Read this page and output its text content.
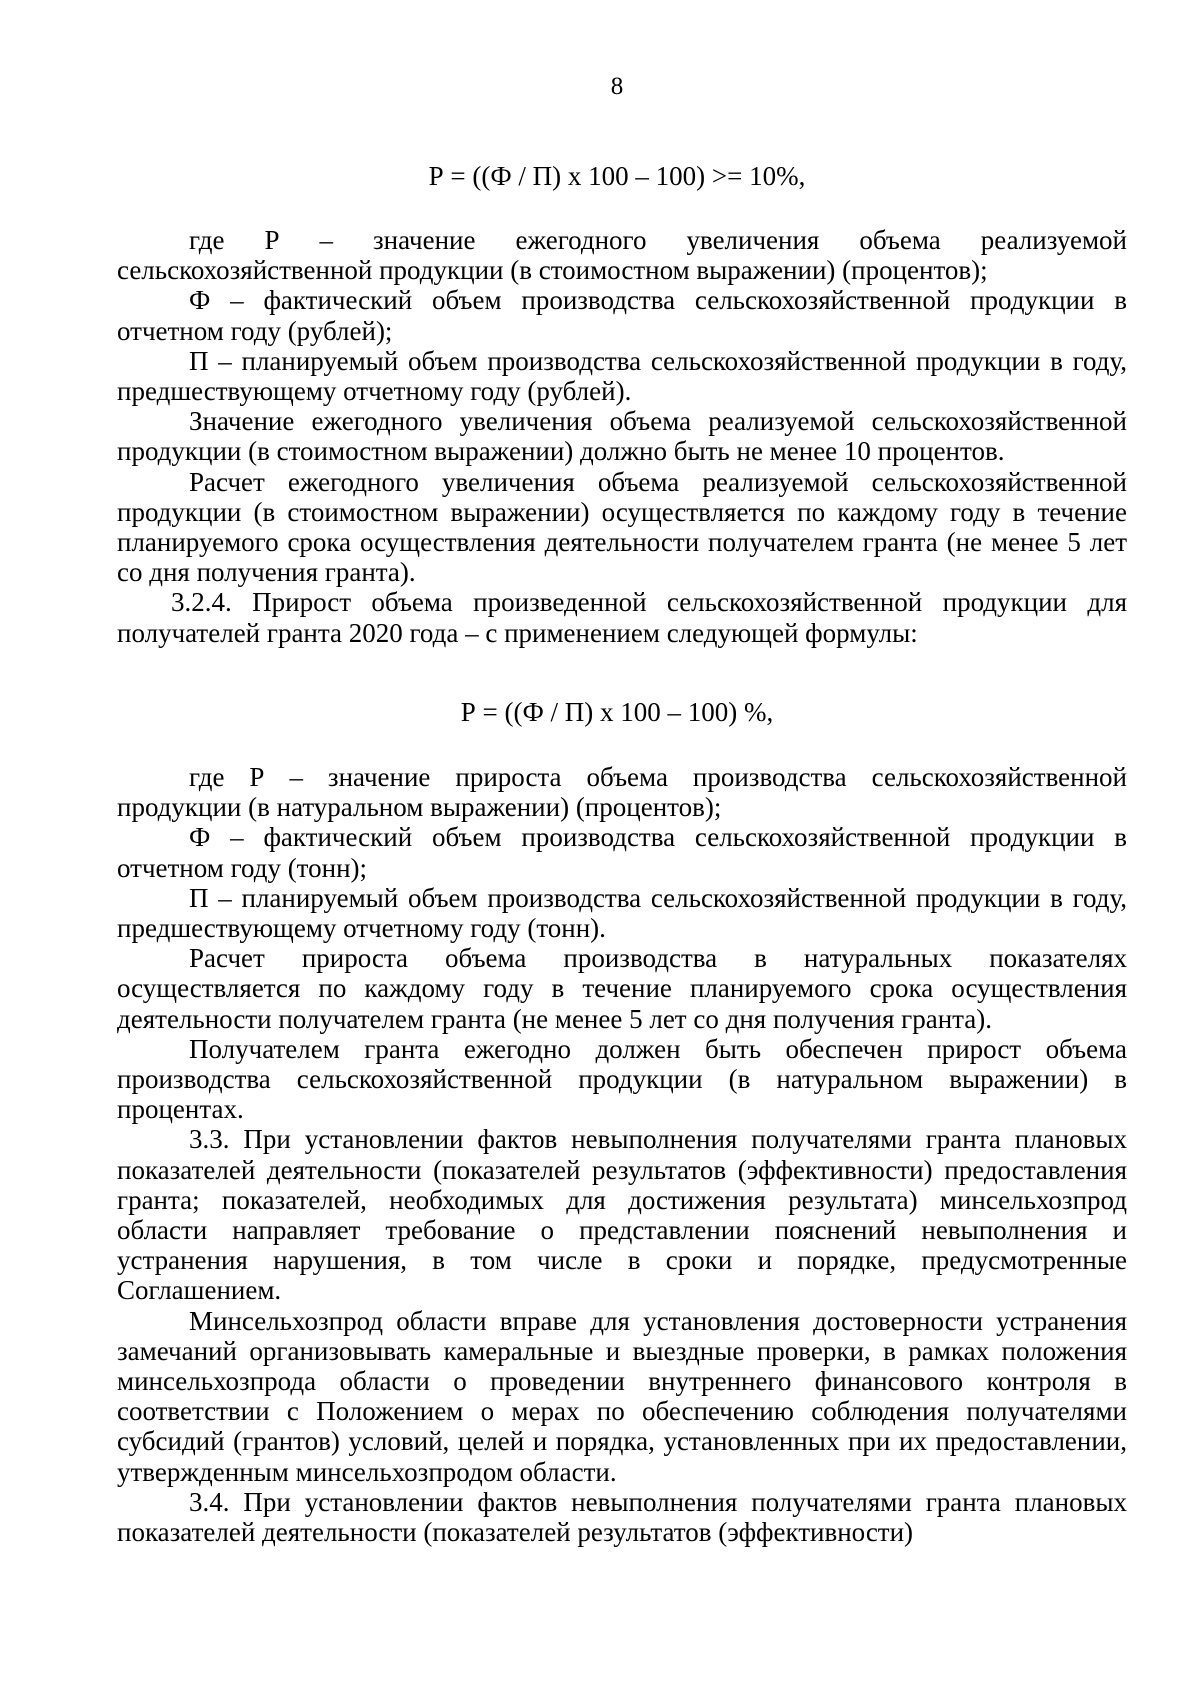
8
Р = ((Ф / П) х 100 – 100) >= 10%,

где Р – значение ежегодного увеличения объема реализуемой сельскохозяйственной продукции (в стоимостном выражении) (процентов);

Ф – фактический объем производства сельскохозяйственной продукции в отчетном году (рублей);

П – планируемый объем производства сельскохозяйственной продукции в году, предшествующему отчетному году (рублей).

Значение ежегодного увеличения объема реализуемой сельскохозяйственной продукции (в стоимостном выражении) должно быть не менее 10 процентов.

Расчет ежегодного увеличения объема реализуемой сельскохозяйственной продукции (в стоимостном выражении) осуществляется по каждому году в течение планируемого срока осуществления деятельности получателем гранта (не менее 5 лет со дня получения гранта).

3.2.4. Прирост объема произведенной сельскохозяйственной продукции для получателей гранта 2020 года – с применением следующей формулы:

Р = ((Ф / П) х 100 – 100) %,

где Р – значение прироста объема производства сельскохозяйственной продукции (в натуральном выражении) (процентов);

Ф – фактический объем производства сельскохозяйственной продукции в отчетном году (тонн);

П – планируемый объем производства сельскохозяйственной продукции в году, предшествующему отчетному году (тонн).

Расчет прироста объема производства в натуральных показателях осуществляется по каждому году в течение планируемого срока осуществления деятельности получателем гранта (не менее 5 лет со дня получения гранта).

Получателем гранта ежегодно должен быть обеспечен прирост объема производства сельскохозяйственной продукции (в натуральном выражении) в процентах.

3.3. При установлении фактов невыполнения получателями гранта плановых показателей деятельности (показателей результатов (эффективности) предоставления гранта; показателей, необходимых для достижения результата) минсельхозпрод области направляет требование о представлении пояснений невыполнения и устранения нарушения, в том числе в сроки и порядке, предусмотренные Соглашением.

Минсельхозпрод области вправе для установления достоверности устранения замечаний организовывать камеральные и выездные проверки, в рамках положения минсельхозпрода области о проведении внутреннего финансового контроля в соответствии с Положением о мерах по обеспечению соблюдения получателями субсидий (грантов) условий, целей и порядка, установленных при их предоставлении, утвержденным минсельхозпродом области.

3.4. При установлении фактов невыполнения получателями гранта плановых показателей деятельности (показателей результатов (эффективности)
